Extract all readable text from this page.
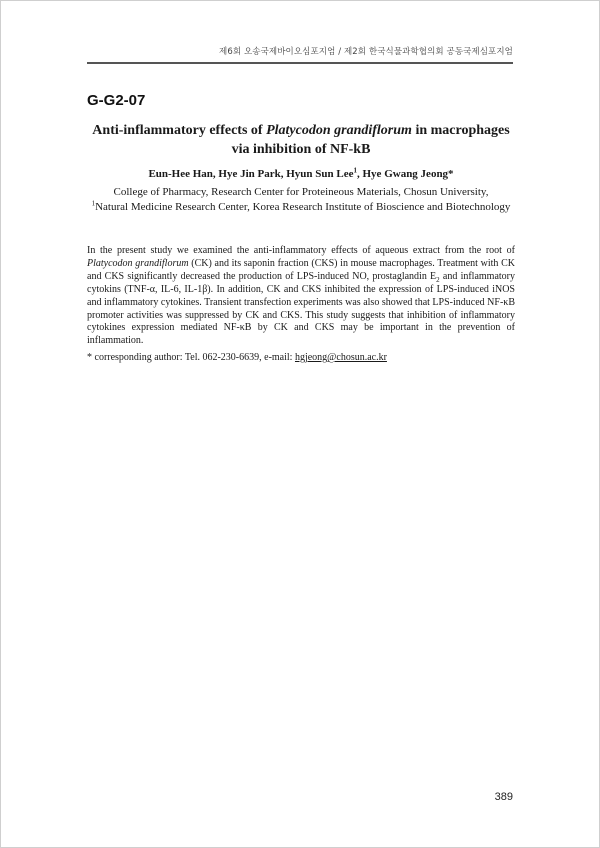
제6회 오송국제바이오심포지엄 / 제2회 한국식물과학협의회 공동국제심포지엄
G-G2-07
Anti-inflammatory effects of Platycodon grandiflorum in macrophages via inhibition of NF-kB
Eun-Hee Han, Hye Jin Park, Hyun Sun Lee$^1$, Hye Gwang Jeong*
College of Pharmacy, Research Center for Proteineous Materials, Chosun University,
$^1$Natural Medicine Research Center, Korea Research Institute of Bioscience and Biotechnology
In the present study we examined the anti-inflammatory effects of aqueous extract from the root of Platycodon grandiflorum (CK) and its saponin fraction (CKS) in mouse macrophages. Treatment with CK and CKS significantly decreased the production of LPS-induced NO, prostaglandin $E_2$ and inflammatory cytokins (TNF-α, IL-6, IL-1β). In addition, CK and CKS inhibited the expression of LPS-induced iNOS and inflammatory cytokines. Transient transfection experiments was also showed that LPS-induced NF-κB promoter activities was suppressed by CK and CKS. This study suggests that inhibition of inflammatory cytokines expression mediated NF-κB by CK and CKS may be important in the prevention of inflammation.
* corresponding author: Tel. 062-230-6639, e-mail: hgjeong@chosun.ac.kr
389
